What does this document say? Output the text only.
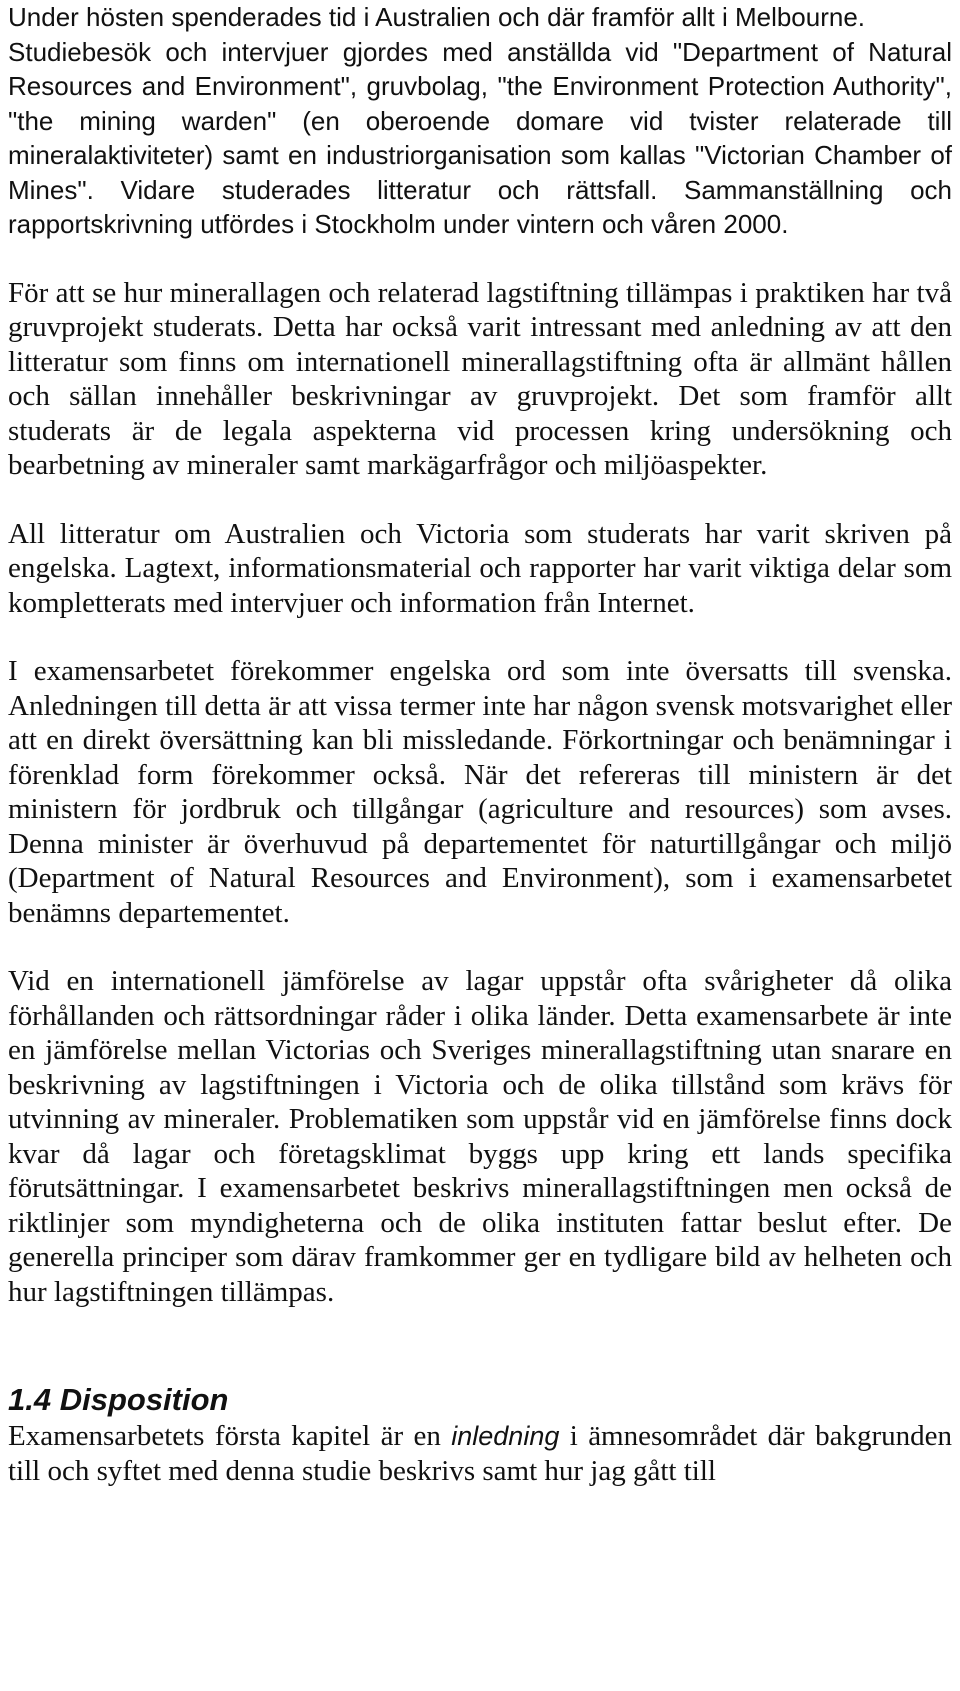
Under hösten spenderades tid i Australien och där framför allt i Melbourne.

Studiebesök och intervjuer gjordes med anställda vid "Department of Natural Resources and Environment", gruvbolag, "the Environment Protection Authority", "the mining warden" (en oberoende domare vid tvister relaterade till mineralaktiviteter) samt en industriorganisation som kallas "Victorian Chamber of Mines". Vidare studerades litteratur och rättsfall. Sammanställning och rapportskrivning utfördes i Stockholm under vintern och våren 2000.

För att se hur minerallagen och relaterad lagstiftning tillämpas i praktiken har två gruvprojekt studerats. Detta har också varit intressant med anledning av att den litteratur som finns om internationell minerallagstiftning ofta är allmänt hållen och sällan innehåller beskrivningar av gruvprojekt. Det som framför allt studerats är de legala aspekterna vid processen kring undersökning och bearbetning av mineraler samt markägarfrågor och miljöaspekter.

All litteratur om Australien och Victoria som studerats har varit skriven på engelska. Lagtext, informationsmaterial och rapporter har varit viktiga delar som kompletterats med intervjuer och information från Internet.

I examensarbetet förekommer engelska ord som inte översatts till svenska. Anledningen till detta är att vissa termer inte har någon svensk motsvarighet eller att en direkt översättning kan bli missledande. Förkortningar och benämningar i förenklad form förekommer också. När det refereras till ministern är det ministern för jordbruk och tillgångar (agriculture and resources) som avses. Denna minister är överhuvud på departementet för naturtillgångar och miljö (Department of Natural Resources and Environment), som i examensarbetet benämns departementet.

Vid en internationell jämförelse av lagar uppstår ofta svårigheter då olika förhållanden och rättsordningar råder i olika länder. Detta examensarbete är inte en jämförelse mellan Victorias och Sveriges minerallagstiftning utan snarare en beskrivning av lagstiftningen i Victoria och de olika tillstånd som krävs för utvinning av mineraler. Problematiken som uppstår vid en jämförelse finns dock kvar då lagar och företagsklimat byggs upp kring ett lands specifika förutsättningar. I examensarbetet beskrivs minerallagstiftningen men också de riktlinjer som myndigheterna och de olika instituten fattar beslut efter. De generella principer som därav framkommer ger en tydligare bild av helheten och hur lagstiftningen tillämpas.

1.4 Disposition

Examensarbetets första kapitel är en inledning i ämnesområdet där bakgrunden till och syftet med denna studie beskrivs samt hur jag gått till
